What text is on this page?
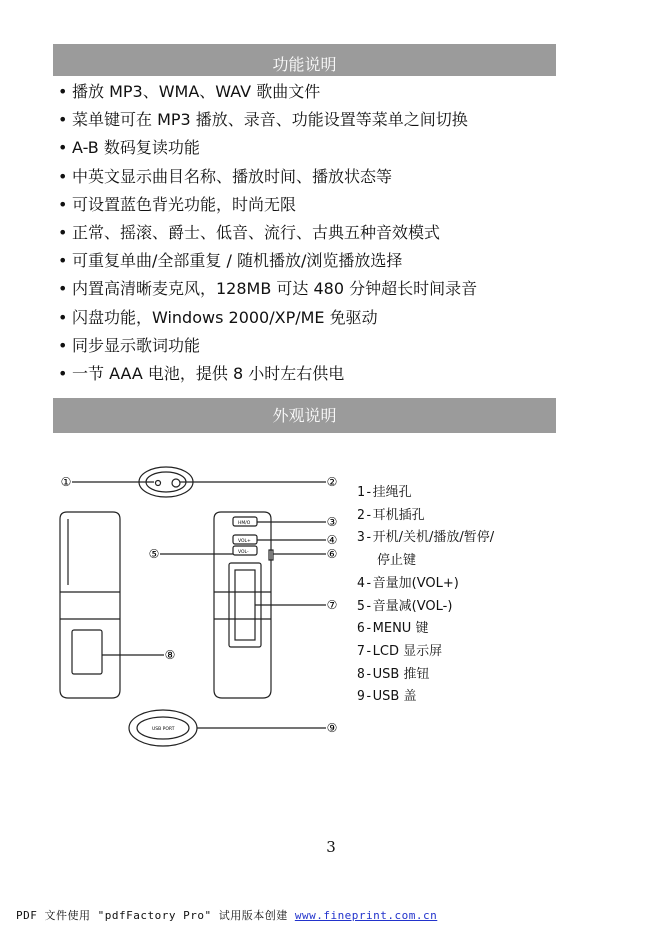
功能说明
• 播放 MP3、WMA、WAV 歌曲文件
• 菜单键可在 MP3 播放、录音、功能设置等菜单之间切换
• A-B 数码复读功能
• 中英文显示曲目名称、播放时间、播放状态等
• 可设置蓝色背光功能，时尚无限
• 正常、摇滚、爵士、低音、流行、古典五种音效模式
• 可重复单曲/全部重复 / 随机播放/浏览播放选择
• 内置高清晰麦克风，128MB 可达 480 分钟超长时间录音
• 闪盘功能，Windows 2000/XP/ME 免驱动
• 同步显示歌词功能
• 一节 AAA 电池，提供 8 小时左右供电
外观说明
HM/O
VOL+
VOL-
USB PORT
①	②
③
④
⑤	⑥
⑦
⑧
⑨
1-挂绳孔
2-耳机插孔
3-开机/关机/播放/暂停/
停止键
4-音量加(VOL+)
5-音量减(VOL-)
6-MENU 键
7-LCD 显示屏
8-USB 推钮
9-USB 盖
3
PDF 文件使用 "pdfFactory Pro" 试用版本创建 www.fineprint.com.cn
